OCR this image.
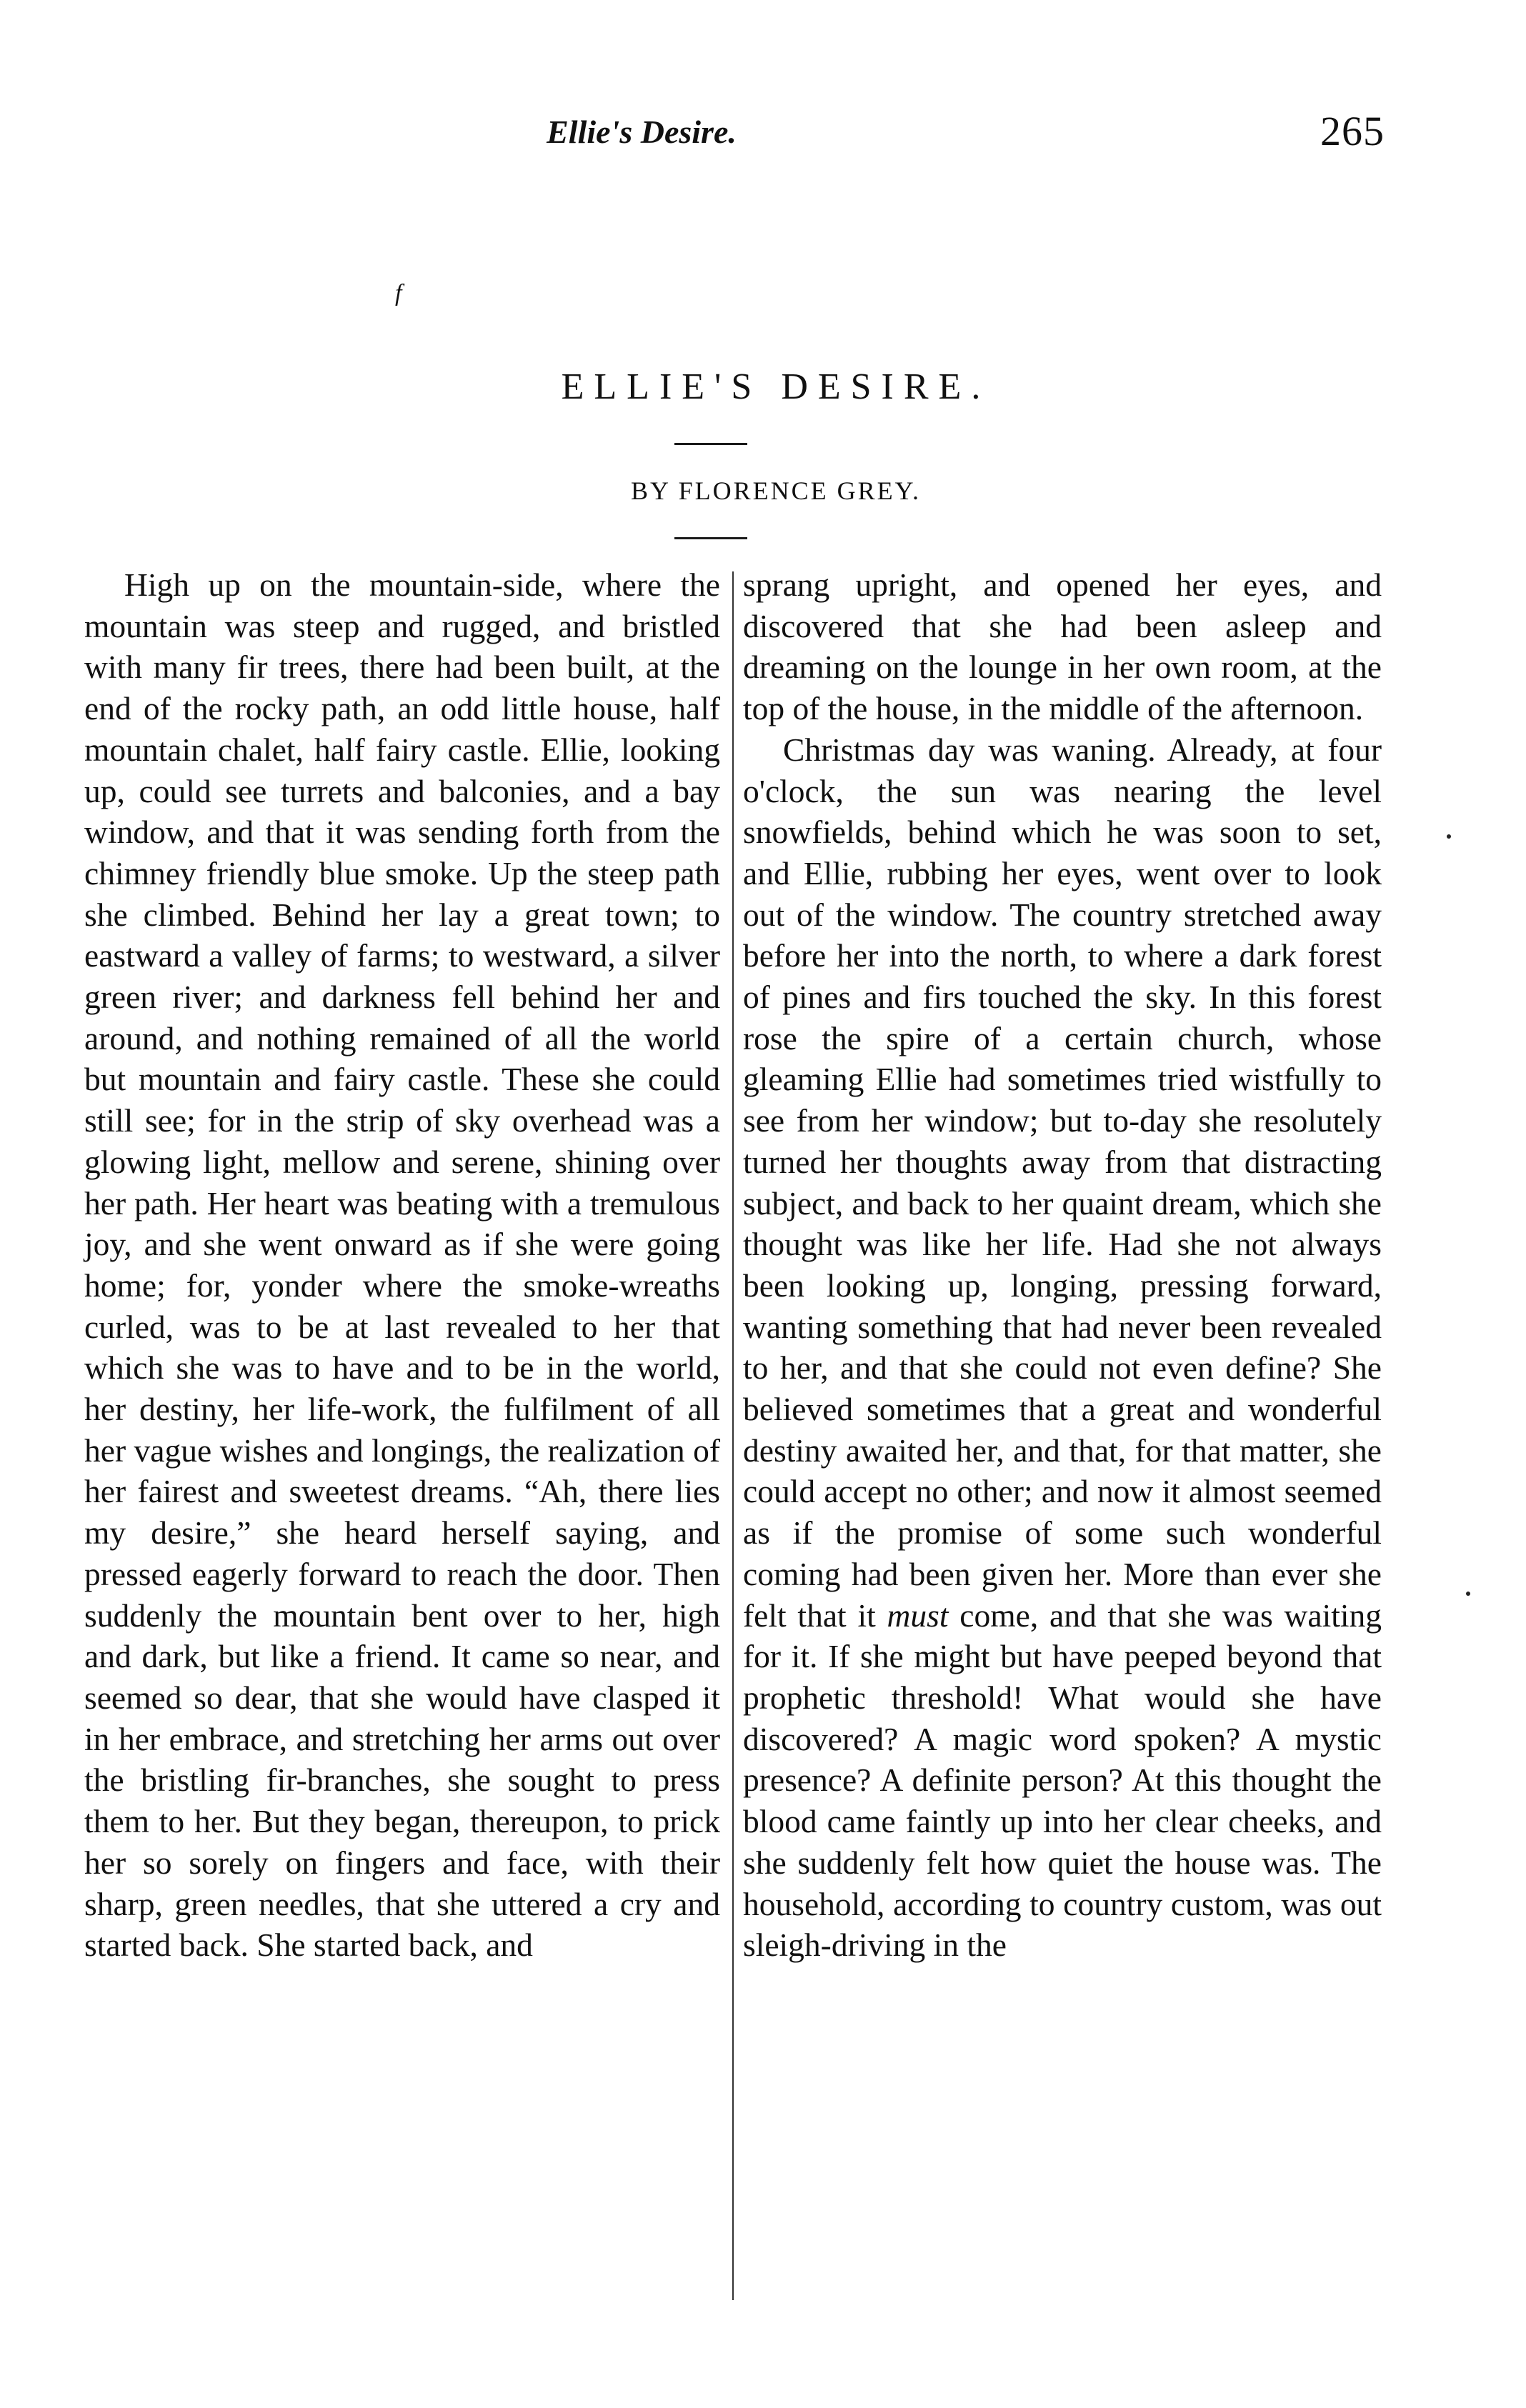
Ellie's Desire.	265
f
ELLIE'S DESIRE.
BY FLORENCE GREY.

High up on the mountain-side, where the mountain was steep and rugged, and bristled with many fir trees, there had been built, at the end of the rocky path, an odd little house, half mountain chalet, half fairy castle. Ellie, looking up, could see turrets and balconies, and a bay window, and that it was sending forth from the chimney friendly blue smoke. Up the steep path she climbed. Behind her lay a great town; to eastward a valley of farms; to westward, a silver green river; and darkness fell behind her and around, and nothing remained of all the world but mountain and fairy castle. These she could still see; for in the strip of sky overhead was a glowing light, mellow and serene, shining over her path. Her heart was beating with a tremulous joy, and she went onward as if she were going home; for, yonder where the smoke-wreaths curled, was to be at last revealed to her that which she was to have and to be in the world, her destiny, her life-work, the fulfilment of all her vague wishes and longings, the realization of her fairest and sweetest dreams. “Ah, there lies my desire,” she heard herself saying, and pressed eagerly forward to reach the door. Then suddenly the mountain bent over to her, high and dark, but like a friend. It came so near, and seemed so dear, that she would have clasped it in her embrace, and stretching her arms out over the bristling fir-branches, she sought to press them to her. But they began, thereupon, to prick her so sorely on fingers and face, with their sharp, green needles, that she uttered a cry and started back. She started back, and

sprang upright, and opened her eyes, and discovered that she had been asleep and dreaming on the lounge in her own room, at the top of the house, in the middle of the afternoon.

Christmas day was waning. Already, at four o'clock, the sun was nearing the level snowfields, behind which he was soon to set, and Ellie, rubbing her eyes, went over to look out of the window. The country stretched away before her into the north, to where a dark forest of pines and firs touched the sky. In this forest rose the spire of a certain church, whose gleaming Ellie had sometimes tried wistfully to see from her window; but to-day she resolutely turned her thoughts away from that distracting subject, and back to her quaint dream, which she thought was like her life. Had she not always been looking up, longing, pressing forward, wanting something that had never been revealed to her, and that she could not even define? She believed sometimes that a great and wonderful destiny awaited her, and that, for that matter, she could accept no other; and now it almost seemed as if the promise of some such wonderful coming had been given her. More than ever she felt that it must come, and that she was waiting for it. If she might but have peeped beyond that prophetic threshold! What would she have discovered? A magic word spoken? A mystic presence? A definite person? At this thought the blood came faintly up into her clear cheeks, and she suddenly felt how quiet the house was. The household, according to country custom, was out sleigh-driving in the
